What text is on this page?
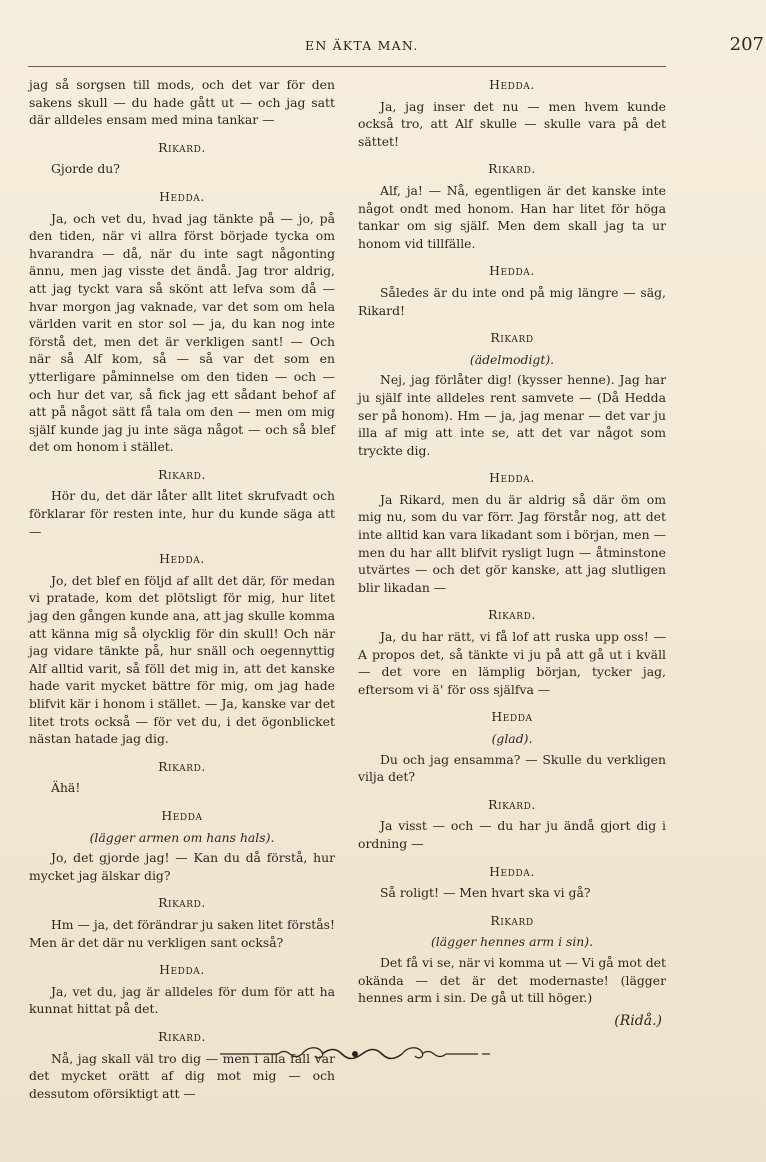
EN ÄKTA MAN.	207

jag så sorgsen till mods, och det var för den sakens skull — du hade gått ut — och jag satt där alldeles ensam med mina tankar —

Rikard.

Gjorde du?

Hedda.

Ja, och vet du, hvad jag tänkte på — jo, på den tiden, när vi allra först började tycka om hvarandra — då, när du inte sagt någonting ännu, men jag visste det ändå. Jag tror aldrig, att jag tyckt vara så skönt att lefva som då — hvar morgon jag vaknade, var det som om hela världen varit en stor sol — ja, du kan nog inte förstå det, men det är verkligen sant! — Och när så Alf kom, så — så var det som en ytterligare påminnelse om den tiden — och — och hur det var, så fick jag ett sådant behof af att på något sätt få tala om den — men om mig själf kunde jag ju inte säga något — och så blef det om honom i stället.

Rikard.

Hör du, det där låter allt litet skrufvadt och förklarar för resten inte, hur du kunde säga att —

Hedda.

Jo, det blef en följd af allt det där, för medan vi pratade, kom det plötsligt för mig, hur litet jag den gången kunde ana, att jag skulle komma att känna mig så olycklig för din skull! Och när jag vidare tänkte på, hur snäll och oegennyttig Alf alltid varit, så föll det mig in, att det kanske hade varit mycket bättre för mig, om jag hade blifvit kär i honom i stället. — Ja, kanske var det litet trots också — för vet du, i det ögonblicket nästan hatade jag dig.

Rikard.

Ähä!

Hedda
(lägger armen om hans hals).

Jo, det gjorde jag! — Kan du då förstå, hur mycket jag älskar dig?

Rikard.

Hm — ja, det förändrar ju saken litet förstås! Men är det där nu verkligen sant också?

Hedda.

Ja, vet du, jag är alldeles för dum för att ha kunnat hittat på det.

Rikard.

Nå, jag skall väl tro dig — men i alla fall var det mycket orätt af dig mot mig — och dessutom oförsiktigt att —

Hedda.

Ja, jag inser det nu — men hvem kunde också tro, att Alf skulle — skulle vara på det sättet!

Rikard.

Alf, ja! — Nå, egentligen är det kanske inte något ondt med honom. Han har litet för höga tankar om sig själf. Men dem skall jag ta ur honom vid tillfälle.

Hedda.

Således är du inte ond på mig längre — säg, Rikard!

Rikard
(ädelmodigt).

Nej, jag förlåter dig! (kysser henne). Jag har ju själf inte alldeles rent samvete — (Då Hedda ser på honom). Hm — ja, jag menar — det var ju illa af mig att inte se, att det var något som tryckte dig.

Hedda.

Ja Rikard, men du är aldrig så där öm om mig nu, som du var förr. Jag förstår nog, att det inte alltid kan vara likadant som i början, men — men du har allt blifvit rysligt lugn — åtminstone utvärtes — och det gör kanske, att jag slutligen blir likadan —

Rikard.

Ja, du har rätt, vi få lof att ruska upp oss! — A propos det, så tänkte vi ju på att gå ut i kväll — det vore en lämplig början, tycker jag, eftersom vi ä' för oss själfva —

Hedda
(glad).

Du och jag ensamma? — Skulle du verkligen vilja det?

Rikard.

Ja visst — och — du har ju ändå gjort dig i ordning —

Hedda.

Så roligt! — Men hvart ska vi gå?

Rikard
(lägger hennes arm i sin).

Det få vi se, när vi komma ut — Vi gå mot det okända — det är det modernaste! (lägger hennes arm i sin. De gå ut till höger.)

(Ridå.)
